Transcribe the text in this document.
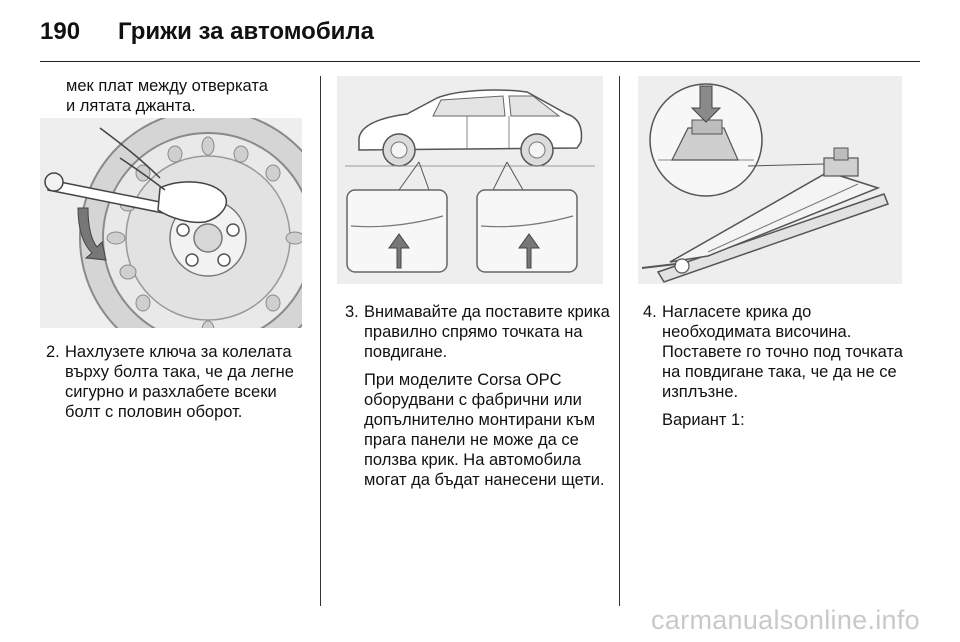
190 Грижи за автомобила

мек плат между отверката

и лятата джанта.

2. Нахлузете ключа за колелата

върху болта така, че да легне

сигурно и разхлабете всеки

болт с половин оборот.

3. Внимавайте да поставите крика

правилно спрямо точката на

повдигане.

При моделите Corsa OPC

оборудвани с фабрични или

допълнително монтирани към

прага панели не може да се

ползва крик. На автомобила

могат да бъдат нанесени щети.

4. Нагласете крика до

необходимата височина.

Поставете го точно под точката

на повдигане така, че да не се

изплъзне.

Вариант 1:

carmanualsonline.info
